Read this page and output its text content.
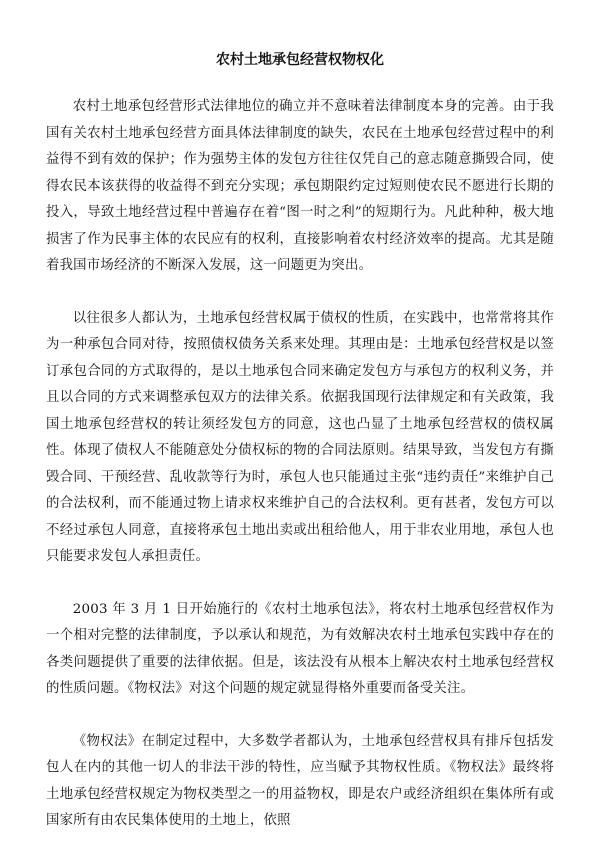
农村土地承包经营权物权化

农村土地承包经营形式法律地位的确立并不意味着法律制度本身的完善。由于我国有关农村土地承包经营方面具体法律制度的缺失，农民在土地承包经营过程中的利益得不到有效的保护；作为强势主体的发包方往往仅凭自己的意志随意撕毁合同，使得农民本该获得的收益得不到充分实现；承包期限约定过短则使农民不愿进行长期的投入，导致土地经营过程中普遍存在着“图一时之利”的短期行为。凡此种种，极大地损害了作为民事主体的农民应有的权利，直接影响着农村经济效率的提高。尤其是随着我国市场经济的不断深入发展，这一问题更为突出。

以往很多人都认为，土地承包经营权属于债权的性质，在实践中，也常常将其作为一种承包合同对待，按照债权债务关系来处理。其理由是：土地承包经营权是以签订承包合同的方式取得的，是以土地承包合同来确定发包方与承包方的权利义务，并且以合同的方式来调整承包双方的法律关系。依据我国现行法律规定和有关政策，我国土地承包经营权的转让须经发包方的同意，这也凸显了土地承包经营权的债权属性。体现了债权人不能随意处分债权标的物的合同法原则。结果导致，当发包方有撕毁合同、干预经营、乱收款等行为时，承包人也只能通过主张“违约责任”来维护自己的合法权利，而不能通过物上请求权来维护自己的合法权利。更有甚者，发包方可以不经过承包人同意，直接将承包土地出卖或出租给他人，用于非农业用地，承包人也只能要求发包人承担责任。

2003 年 3 月 1 日开始施行的《农村土地承包法》，将农村土地承包经营权作为一个相对完整的法律制度，予以承认和规范，为有效解决农村土地承包实践中存在的各类问题提供了重要的法律依据。但是，该法没有从根本上解决农村土地承包经营权的性质问题。《物权法》对这个问题的规定就显得格外重要而备受关注。

《物权法》在制定过程中，大多数学者都认为，土地承包经营权具有排斥包括发包人在内的其他一切人的非法干涉的特性，应当赋予其物权性质。《物权法》最终将土地承包经营权规定为物权类型之一的用益物权，即是农户或经济组织在集体所有或国家所有由农民集体使用的土地上，依照
